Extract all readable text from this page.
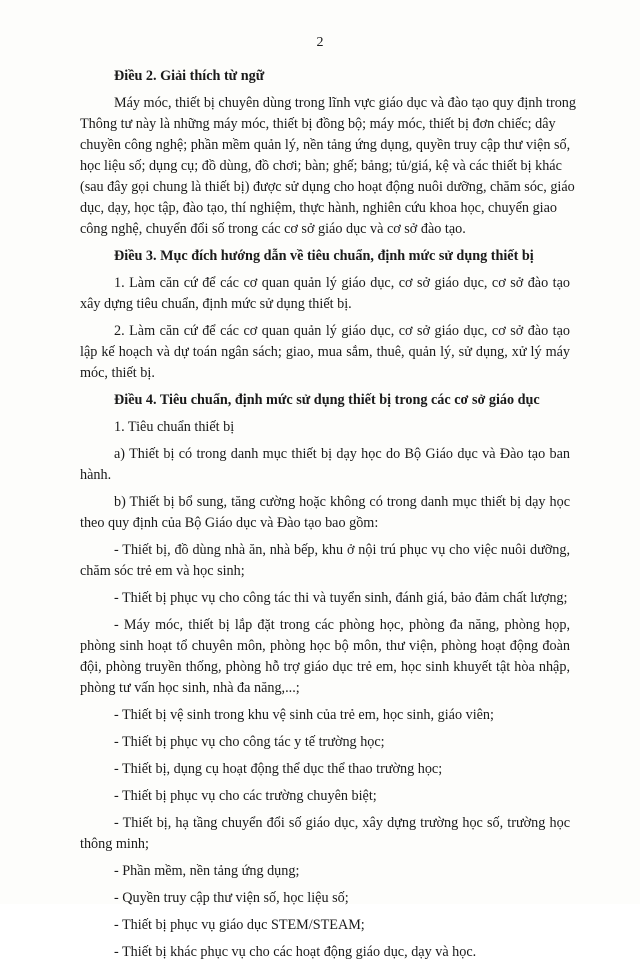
2
Điều 2. Giải thích từ ngữ
Máy móc, thiết bị chuyên dùng trong lĩnh vực giáo dục và đào tạo quy định trong
Thông tư này là những máy móc, thiết bị đồng bộ; máy móc, thiết bị đơn chiếc; dây
chuyền công nghệ; phần mềm quản lý, nền tảng ứng dụng, quyền truy cập thư viện số,
học liệu số; dụng cụ; đồ dùng, đồ chơi; bàn; ghế; bảng; tủ/giá, kệ và các thiết bị khác
(sau đây gọi chung là thiết bị) được sử dụng cho hoạt động nuôi dưỡng, chăm sóc, giáo
dục, dạy, học tập, đào tạo, thí nghiệm, thực hành, nghiên cứu khoa học, chuyển giao
công nghệ, chuyển đổi số trong các cơ sở giáo dục và cơ sở đào tạo.
Điều 3. Mục đích hướng dẫn về tiêu chuẩn, định mức sử dụng thiết bị
1. Làm căn cứ để các cơ quan quản lý giáo dục, cơ sở giáo dục, cơ sở đào tạo xây dựng tiêu chuẩn, định mức sử dụng thiết bị.
2. Làm căn cứ để các cơ quan quản lý giáo dục, cơ sở giáo dục, cơ sở đào tạo lập kế hoạch và dự toán ngân sách; giao, mua sắm, thuê, quản lý, sử dụng, xử lý máy móc, thiết bị.
Điều 4. Tiêu chuẩn, định mức sử dụng thiết bị trong các cơ sở giáo dục
1. Tiêu chuẩn thiết bị
a) Thiết bị có trong danh mục thiết bị dạy học do Bộ Giáo dục và Đào tạo ban hành.
b) Thiết bị bổ sung, tăng cường hoặc không có trong danh mục thiết bị dạy học theo quy định của Bộ Giáo dục và Đào tạo bao gồm:
- Thiết bị, đồ dùng nhà ăn, nhà bếp, khu ở nội trú phục vụ cho việc nuôi dưỡng, chăm sóc trẻ em và học sinh;
- Thiết bị phục vụ cho công tác thi và tuyển sinh, đánh giá, bảo đảm chất lượng;
- Máy móc, thiết bị lắp đặt trong các phòng học, phòng đa năng, phòng họp, phòng sinh hoạt tổ chuyên môn, phòng học bộ môn, thư viện, phòng hoạt động đoàn đội, phòng truyền thống, phòng hỗ trợ giáo dục trẻ em, học sinh khuyết tật hòa nhập, phòng tư vấn học sinh, nhà đa năng,...;
- Thiết bị vệ sinh trong khu vệ sinh của trẻ em, học sinh, giáo viên;
- Thiết bị phục vụ cho công tác y tế trường học;
- Thiết bị, dụng cụ hoạt động thể dục thể thao trường học;
- Thiết bị phục vụ cho các trường chuyên biệt;
- Thiết bị, hạ tầng chuyển đổi số giáo dục, xây dựng trường học số, trường học thông minh;
- Phần mềm, nền tảng ứng dụng;
- Quyền truy cập thư viện số, học liệu số;
- Thiết bị phục vụ giáo dục STEM/STEAM;
- Thiết bị khác phục vụ cho các hoạt động giáo dục, dạy và học.
